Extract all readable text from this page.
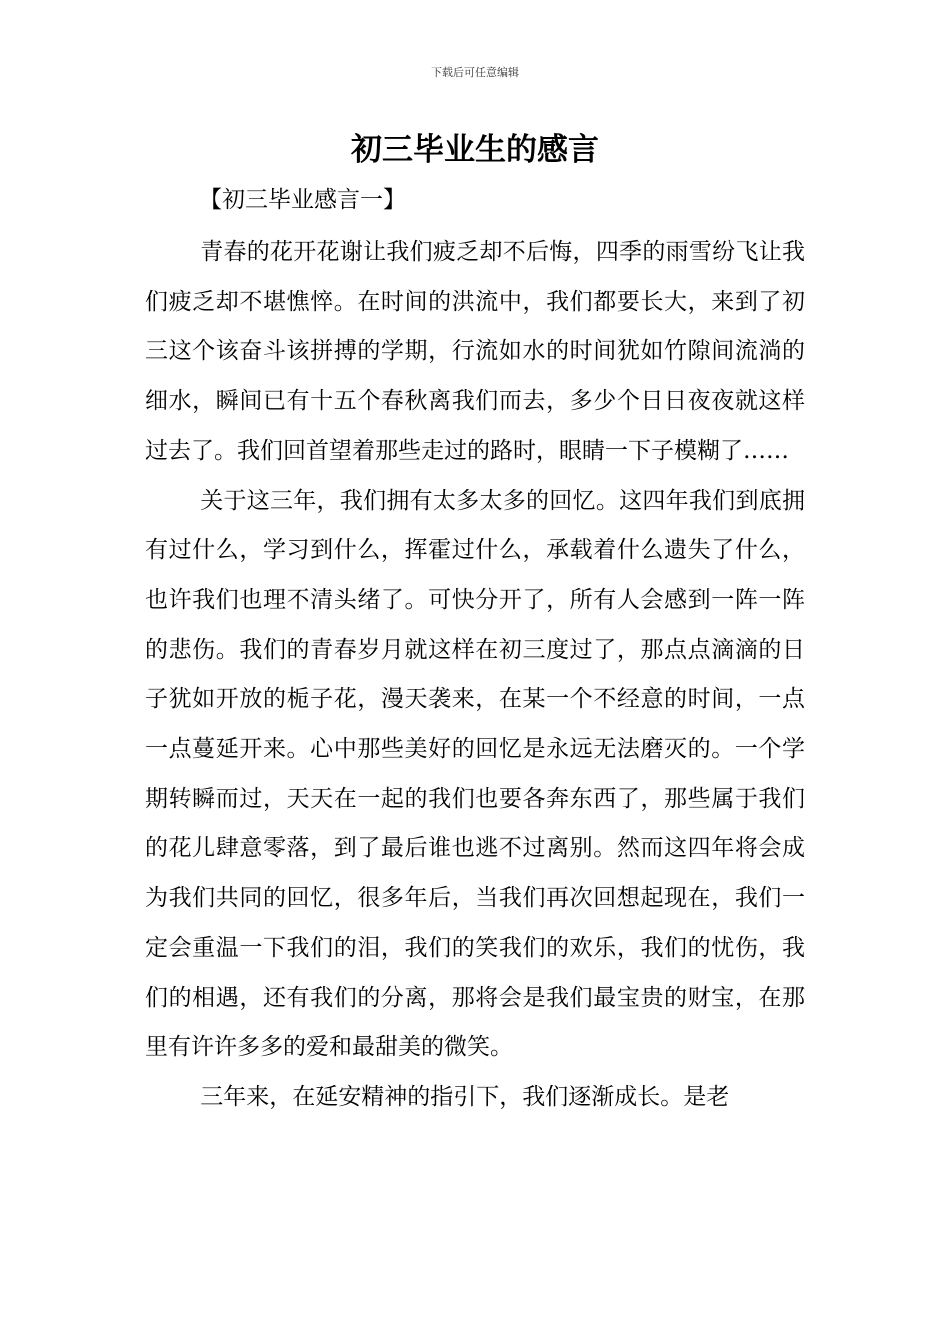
下载后可任意编辑
初三毕业生的感言
【初三毕业感言一】

青春的花开花谢让我们疲乏却不后悔，四季的雨雪纷飞让我们疲乏却不堪憔悴。在时间的洪流中，我们都要长大，来到了初三这个该奋斗该拼搏的学期，行流如水的时间犹如竹隙间流淌的细水，瞬间已有十五个春秋离我们而去，多少个日日夜夜就这样过去了。我们回首望着那些走过的路时，眼睛一下子模糊了……

关于这三年，我们拥有太多太多的回忆。这四年我们到底拥有过什么，学习到什么，挥霍过什么，承载着什么遗失了什么，也许我们也理不清头绪了。可快分开了，所有人会感到一阵一阵的悲伤。我们的青春岁月就这样在初三度过了，那点点滴滴的日子犹如开放的栀子花，漫天袭来，在某一个不经意的时间，一点一点蔓延开来。心中那些美好的回忆是永远无法磨灭的。一个学期转瞬而过，天天在一起的我们也要各奔东西了，那些属于我们的花儿肆意零落，到了最后谁也逃不过离别。然而这四年将会成为我们共同的回忆，很多年后，当我们再次回想起现在，我们一定会重温一下我们的泪，我们的笑我们的欢乐，我们的忧伤，我们的相遇，还有我们的分离，那将会是我们最宝贵的财宝，在那里有许许多多的爱和最甜美的微笑。

三年来，在延安精神的指引下，我们逐渐成长。是老
